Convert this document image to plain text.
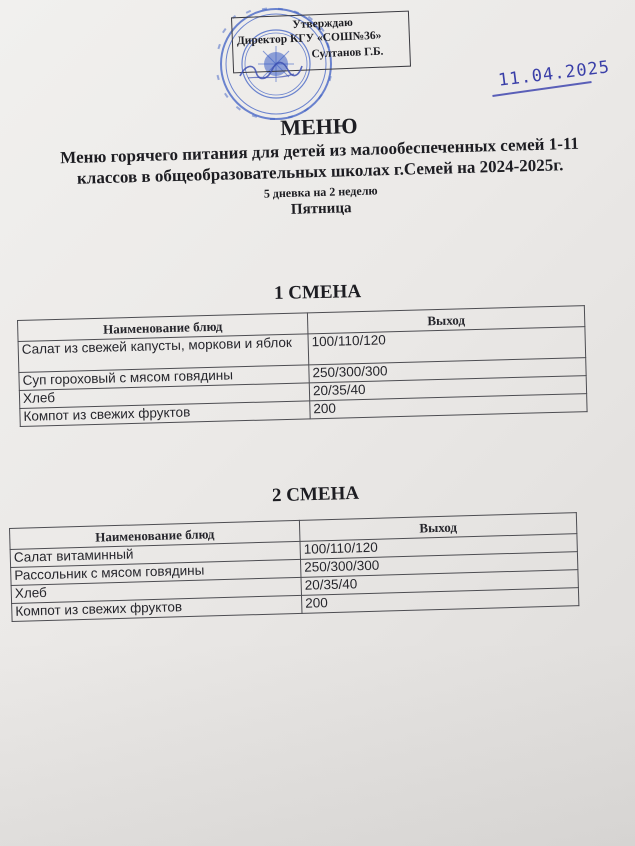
Утверждаю
Директор КГУ «СОШ№36»
Султанов Г.Б.
11.04.2025
МЕНЮ
Меню горячего питания для детей из малообеспеченных семей 1-11 классов в общеобразовательных школах г.Семей на 2024-2025г.
5 дневка на 2 неделю
Пятница
1 СМЕНА
Наименование блюд	Выход
Салат из свежей капусты, моркови и яблок	100/110/120
Суп гороховый с мясом говядины	250/300/300
Хлеб	20/35/40
Компот из свежих фруктов	200
2 СМЕНА
Наименование блюд	Выход
Салат витаминный	100/110/120
Рассольник с мясом говядины	250/300/300
Хлеб	20/35/40
Компот из свежих фруктов	200
